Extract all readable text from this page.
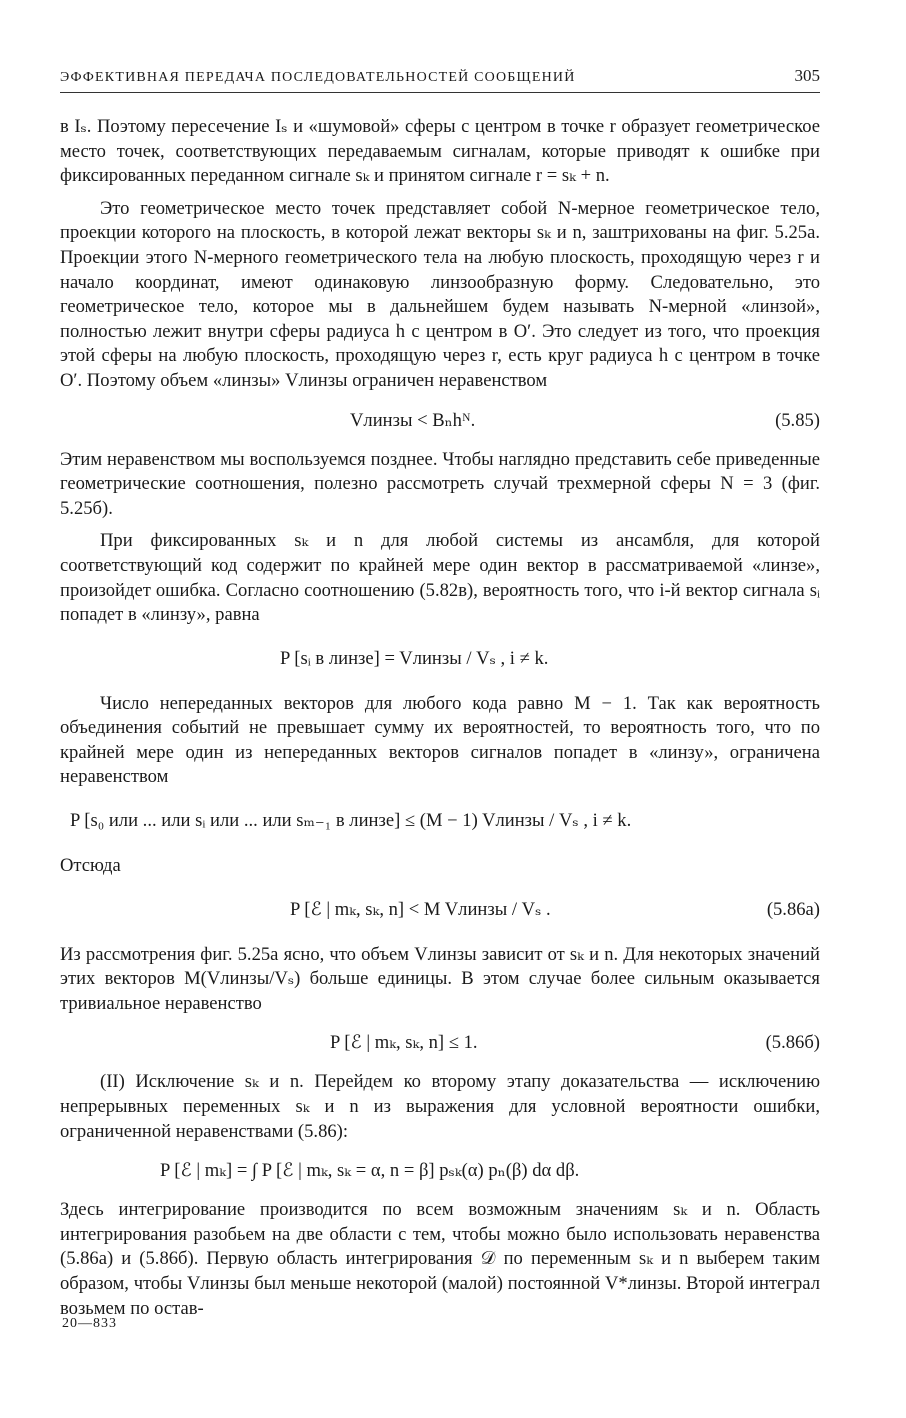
ЭФФЕКТИВНАЯ ПЕРЕДАЧА ПОСЛЕДОВАТЕЛЬНОСТЕЙ СООБЩЕНИЙ	305

в Iₛ. Поэтому пересечение Iₛ и «шумовой» сферы с центром в точке r образует геометрическое место точек, соответствующих передаваемым сигналам, которые приводят к ошибке при фиксированных переданном сигнале sₖ и принятом сигнале r = sₖ + n.

Это геометрическое место точек представляет собой N-мерное геометрическое тело, проекции которого на плоскость, в которой лежат векторы sₖ и n, заштрихованы на фиг. 5.25а. Проекции этого N-мерного геометрического тела на любую плоскость, проходящую через r и начало координат, имеют одинаковую линзообразную форму. Следовательно, это геометрическое тело, которое мы в дальнейшем будем называть N-мерной «линзой», полностью лежит внутри сферы радиуса h с центром в O′. Это следует из того, что проекция этой сферы на любую плоскость, проходящую через r, есть круг радиуса h с центром в точке O′. Поэтому объем «линзы» Vлинзы ограничен неравенством

Vлинзы < Bₙhᴺ.	(5.85)

Этим неравенством мы воспользуемся позднее. Чтобы наглядно представить себе приведенные геометрические соотношения, полезно рассмотреть случай трехмерной сферы N = 3 (фиг. 5.25б).

При фиксированных sₖ и n для любой системы из ансамбля, для которой соответствующий код содержит по крайней мере один вектор в рассматриваемой «линзе», произойдет ошибка. Согласно соотношению (5.82в), вероятность того, что i-й вектор сигнала sᵢ попадет в «линзу», равна

P [sᵢ в линзе] = Vлинзы / Vₛ , i ≠ k.

Число непереданных векторов для любого кода равно M − 1. Так как вероятность объединения событий не превышает сумму их вероятностей, то вероятность того, что по крайней мере один из непереданных векторов сигналов попадет в «линзу», ограничена неравенством

P [s₀ или ... или sᵢ или ... или sₘ₋₁ в линзе] ≤ (M − 1) Vлинзы / Vₛ , i ≠ k.

Отсюда

P [ℰ | mₖ, sₖ, n] < M Vлинзы / Vₛ .	(5.86а)

Из рассмотрения фиг. 5.25а ясно, что объем Vлинзы зависит от sₖ и n. Для некоторых значений этих векторов M(Vлинзы/Vₛ) больше единицы. В этом случае более сильным оказывается тривиальное неравенство

P [ℰ | mₖ, sₖ, n] ≤ 1.	(5.86б)

(II) Исключение sₖ и n. Перейдем ко второму этапу доказательства — исключению непрерывных переменных sₖ и n из выражения для условной вероятности ошибки, ограниченной неравенствами (5.86):

P [ℰ | mₖ] = ∫ P [ℰ | mₖ, sₖ = α, n = β] pₛₖ(α) pₙ(β) dα dβ.

Здесь интегрирование производится по всем возможным значениям sₖ и n. Область интегрирования разобьем на две области с тем, чтобы можно было использовать неравенства (5.86а) и (5.86б). Первую область интегрирования 𝒟 по переменным sₖ и n выберем таким образом, чтобы Vлинзы был меньше некоторой (малой) постоянной V*линзы. Второй интеграл возьмем по остав-

20—833
